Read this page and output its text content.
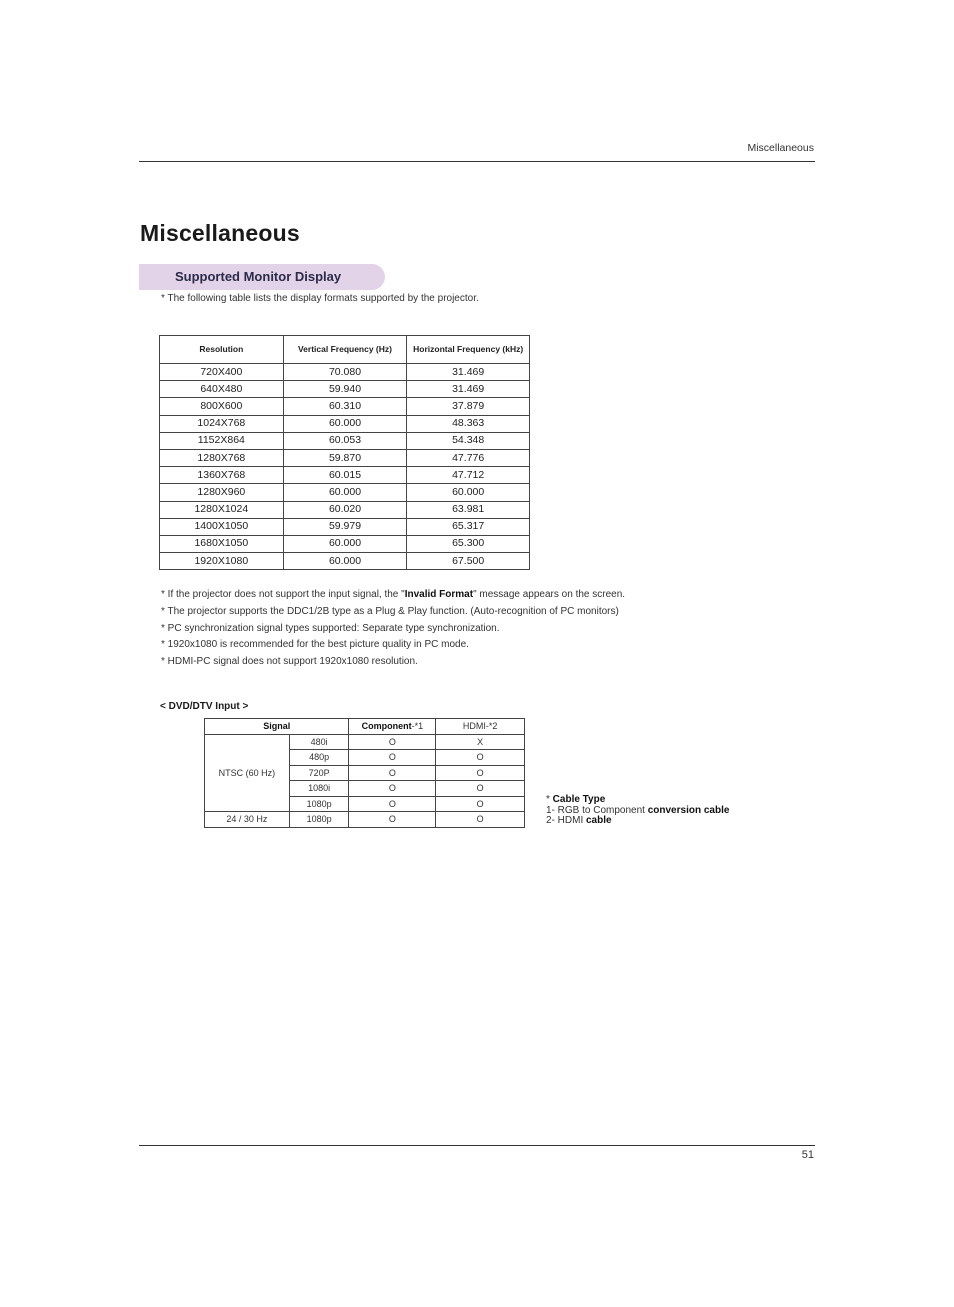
Miscellaneous
Miscellaneous
Supported Monitor Display
* The following table lists the display formats supported by the projector.
Resolution	Vertical Frequency (Hz)	Horizontal Frequency (kHz)
720X400	70.080	31.469
640X480	59.940	31.469
800X600	60.310	37.879
1024X768	60.000	48.363
1152X864	60.053	54.348
1280X768	59.870	47.776
1360X768	60.015	47.712
1280X960	60.000	60.000
1280X1024	60.020	63.981
1400X1050	59.979	65.317
1680X1050	60.000	65.300
1920X1080	60.000	67.500
* If the projector does not support the input signal, the "Invalid Format" message appears on the screen.
* The projector supports the DDC1/2B type as a Plug & Play function. (Auto-recognition of PC monitors)
* PC synchronization signal types supported: Separate type synchronization.
* 1920x1080 is recommended for the best picture quality in PC mode.
* HDMI-PC signal does not support 1920x1080 resolution.
< DVD/DTV Input >
Signal		Component-*1	HDMI-*2
NTSC (60 Hz)	480i	O	X
	480p	O	O
	720P	O	O
	1080i	O	O
	1080p	O	O
24 / 30 Hz	1080p	O	O
* Cable Type
1- RGB to Component conversion cable
2- HDMI cable
51
